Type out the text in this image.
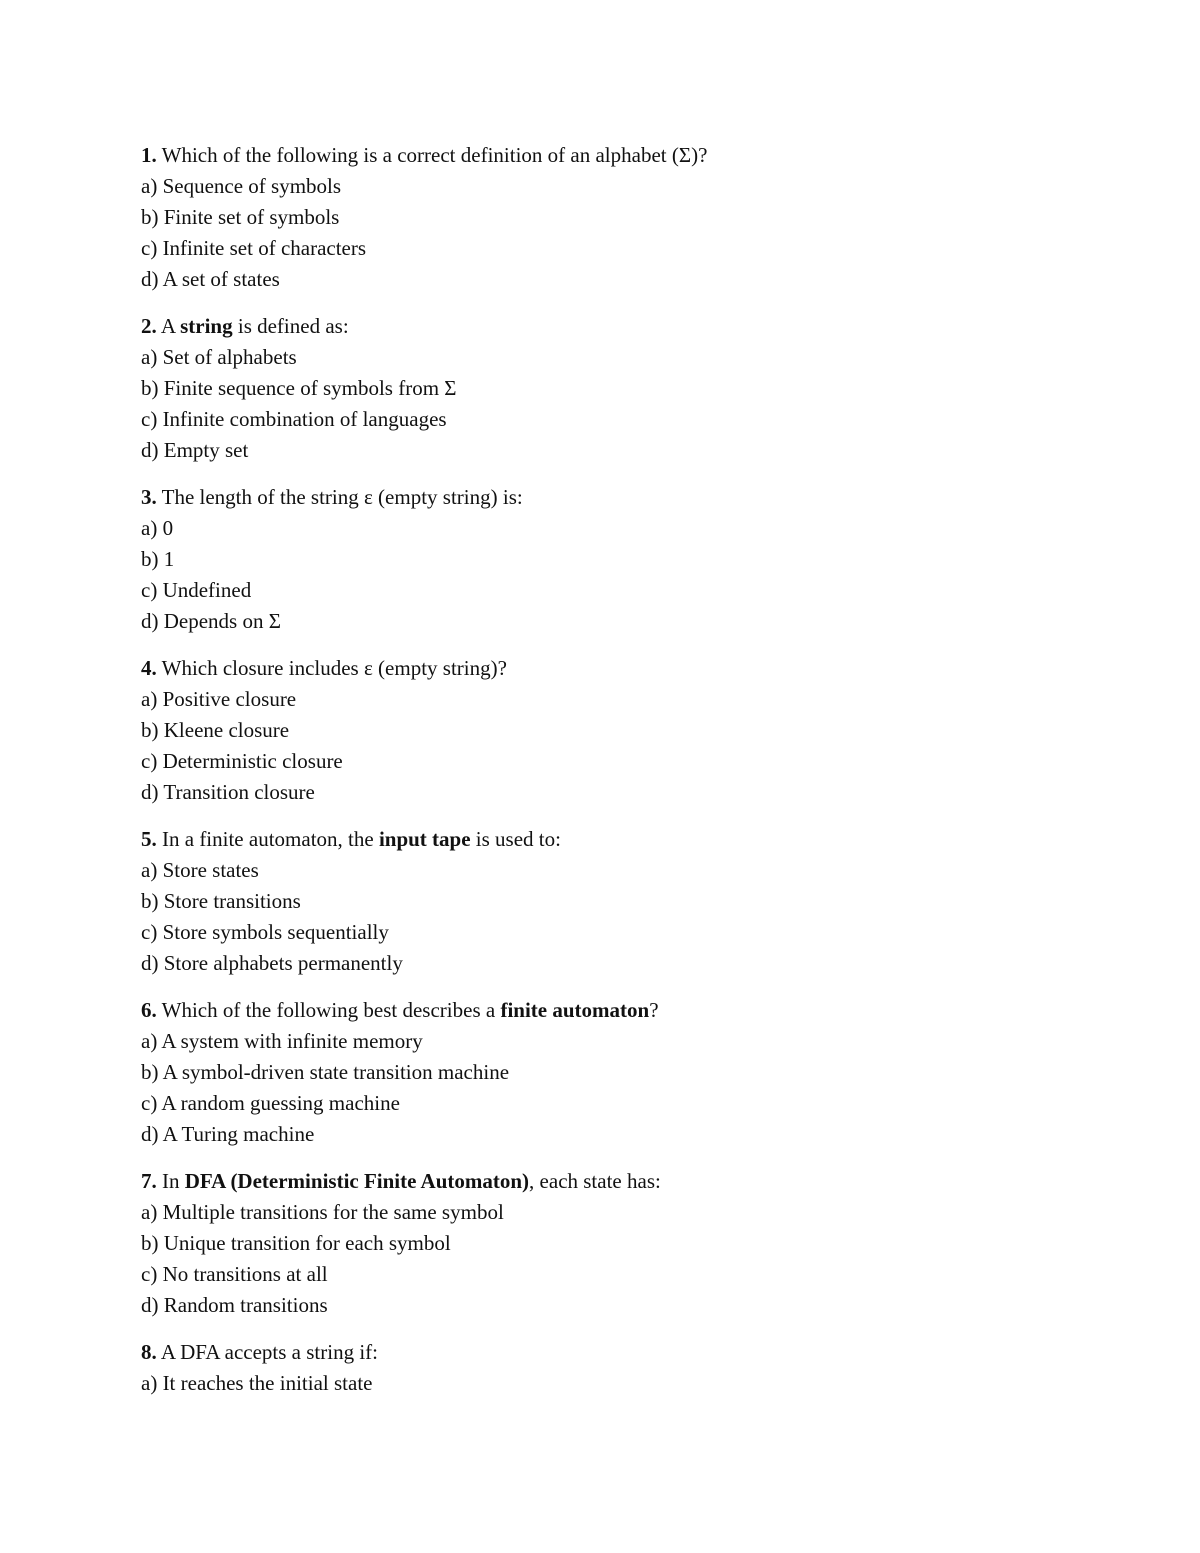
1. Which of the following is a correct definition of an alphabet (Σ)?
a) Sequence of symbols
b) Finite set of symbols
c) Infinite set of characters
d) A set of states
2. A string is defined as:
a) Set of alphabets
b) Finite sequence of symbols from Σ
c) Infinite combination of languages
d) Empty set
3. The length of the string ε (empty string) is:
a) 0
b) 1
c) Undefined
d) Depends on Σ
4. Which closure includes ε (empty string)?
a) Positive closure
b) Kleene closure
c) Deterministic closure
d) Transition closure
5. In a finite automaton, the input tape is used to:
a) Store states
b) Store transitions
c) Store symbols sequentially
d) Store alphabets permanently
6. Which of the following best describes a finite automaton?
a) A system with infinite memory
b) A symbol-driven state transition machine
c) A random guessing machine
d) A Turing machine
7. In DFA (Deterministic Finite Automaton), each state has:
a) Multiple transitions for the same symbol
b) Unique transition for each symbol
c) No transitions at all
d) Random transitions
8. A DFA accepts a string if:
a) It reaches the initial state
